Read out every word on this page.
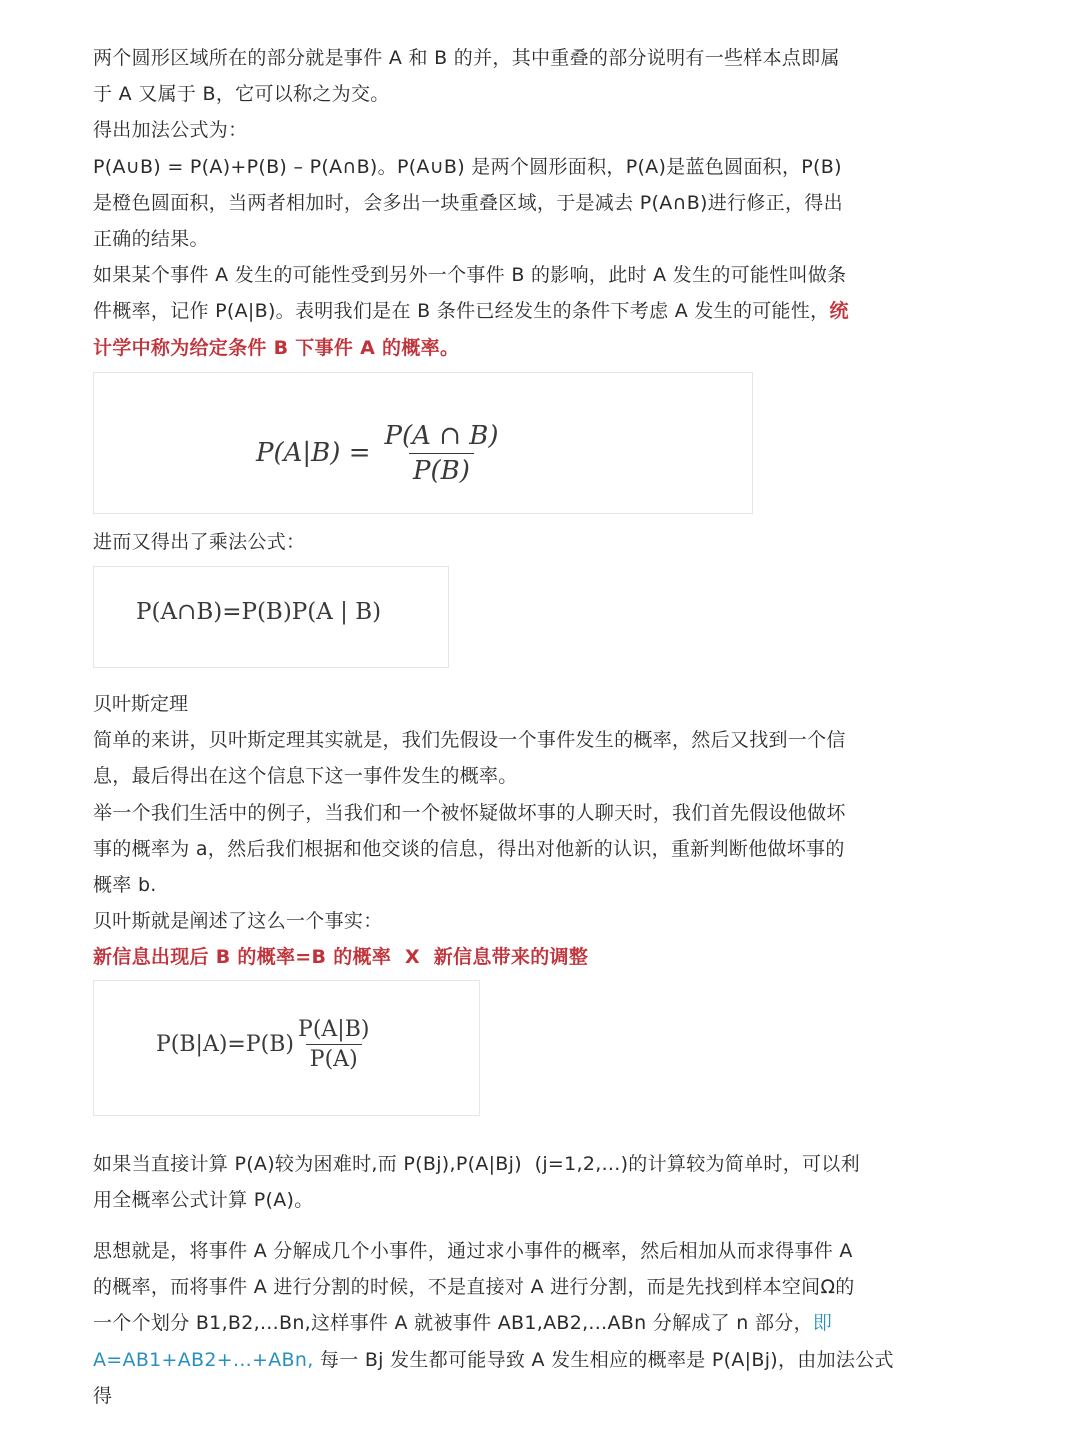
两个圆形区域所在的部分就是事件 A 和 B 的并，其中重叠的部分说明有一些样本点即属

于 A 又属于 B，它可以称之为交。

得出加法公式为：

P(A∪B) = P(A)+P(B) – P(A∩B)。P(A∪B) 是两个圆形面积，P(A)是蓝色圆面积，P(B)

是橙色圆面积，当两者相加时，会多出一块重叠区域，于是减去 P(A∩B)进行修正，得出

正确的结果。

如果某个事件 A 发生的可能性受到另外一个事件 B 的影响，此时 A 发生的可能性叫做条

件概率，记作 P(A|B)。表明我们是在 B 条件已经发生的条件下考虑 A 发生的可能性，统

计学中称为给定条件 B 下事件 A 的概率。

$P(A|B) = \frac{P(A \cap B)}{P(B)}$

进而又得出了乘法公式：

P(A∩B)=P(B)P(A | B)

贝叶斯定理

简单的来讲，贝叶斯定理其实就是，我们先假设一个事件发生的概率，然后又找到一个信

息，最后得出在这个信息下这一事件发生的概率。

举一个我们生活中的例子，当我们和一个被怀疑做坏事的人聊天时，我们首先假设他做坏

事的概率为 a，然后我们根据和他交谈的信息，得出对他新的认识，重新判断他做坏事的

概率 b.

贝叶斯就是阐述了这么一个事实：

新信息出现后 B 的概率=B 的概率  X  新信息带来的调整

$P(B|A)=P(B) \frac{P(A|B)}{P(A)}$

如果当直接计算 P(A)较为困难时,而 P(Bj),P(A|Bj)  (j=1,2,...)的计算较为简单时，可以利

用全概率公式计算 P(A)。

思想就是，将事件 A 分解成几个小事件，通过求小事件的概率，然后相加从而求得事件 A

的概率，而将事件 A 进行分割的时候，不是直接对 A 进行分割，而是先找到样本空间Ω的

一个个划分 B1,B2,...Bn,这样事件 A 就被事件 AB1,AB2,...ABn 分解成了 n 部分，即

A=AB1+AB2+...+ABn, 每一 Bj 发生都可能导致 A 发生相应的概率是 P(A|Bj)，由加法公式

得
